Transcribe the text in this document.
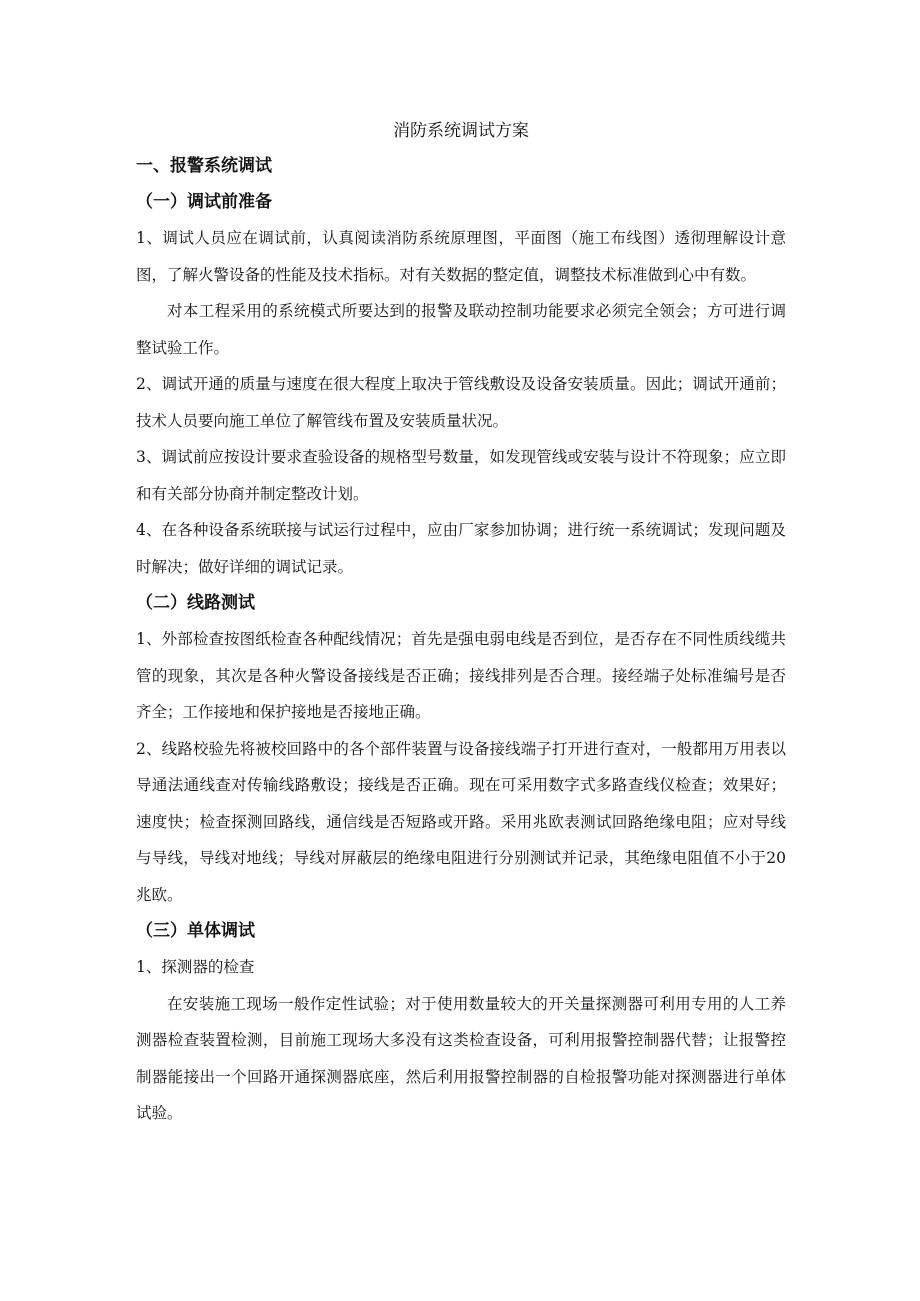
消防系统调试方案
一、报警系统调试
（一）调试前准备

1、调试人员应在调试前，认真阅读消防系统原理图，平面图（施工布线图）透彻理解设计意图，了解火警设备的性能及技术指标。对有关数据的整定值，调整技术标准做到心中有数。

对本工程采用的系统模式所要达到的报警及联动控制功能要求必须完全领会；方可进行调整试验工作。

2、调试开通的质量与速度在很大程度上取决于管线敷设及设备安装质量。因此；调试开通前；技术人员要向施工单位了解管线布置及安装质量状况。

3、调试前应按设计要求查验设备的规格型号数量，如发现管线或安装与设计不符现象；应立即和有关部分协商并制定整改计划。

4、在各种设备系统联接与试运行过程中，应由厂家参加协调；进行统一系统调试；发现问题及时解决；做好详细的调试记录。

（二）线路测试

1、外部检查按图纸检查各种配线情况；首先是强电弱电线是否到位，是否存在不同性质线缆共管的现象，其次是各种火警设备接线是否正确；接线排列是否合理。接经端子处标准编号是否齐全；工作接地和保护接地是否接地正确。

2、线路校验先将被校回路中的各个部件装置与设备接线端子打开进行查对，一般都用万用表以导通法通线查对传输线路敷设；接线是否正确。现在可采用数字式多路查线仪检查；效果好；速度快；检查探测回路线，通信线是否短路或开路。采用兆欧表测试回路绝缘电阻；应对导线与导线，导线对地线；导线对屏蔽层的绝缘电阻进行分别测试并记录，其绝缘电阻值不小于20兆欧。

（三）单体调试

1、探测器的检查

在安装施工现场一般作定性试验；对于使用数量较大的开关量探测器可利用专用的人工养测器检查装置检测，目前施工现场大多没有这类检查设备，可利用报警控制器代替；让报警控制器能接出一个回路开通探测器底座，然后利用报警控制器的自检报警功能对探测器进行单体试验。
